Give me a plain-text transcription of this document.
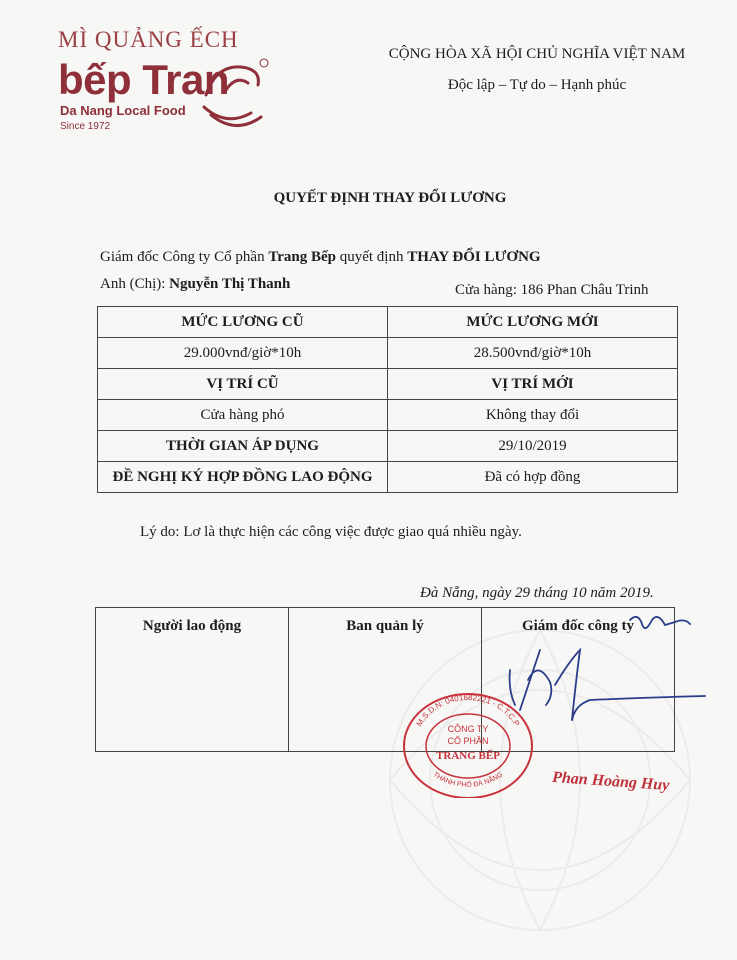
MÌ QUẢNG ẾCH
bếp Tran
Da Nang Local Food
Since 1972
CỘNG HÒA XÃ HỘI CHỦ NGHĨA VIỆT NAM
Độc lập – Tự do – Hạnh phúc
QUYẾT ĐỊNH THAY ĐỔI LƯƠNG
Giám đốc Công ty Cổ phần Trang Bếp quyết định THAY ĐỔI LƯƠNG
Anh (Chị): Nguyễn Thị Thanh	Cửa hàng: 186 Phan Châu Trinh
MỨC LƯƠNG CŨ	MỨC LƯƠNG MỚI
29.000vnđ/giờ*10h	28.500vnđ/giờ*10h
VỊ TRÍ CŨ	VỊ TRÍ MỚI
Cửa hàng phó	Không thay đổi
THỜI GIAN ÁP DỤNG	29/10/2019
ĐỀ NGHỊ KÝ HỢP ĐỒNG LAO ĐỘNG	Đã có hợp đồng
Lý do: Lơ là thực hiện các công việc được giao quá nhiều ngày.
Đà Nẵng, ngày 29 tháng 10 năm 2019.
Người lao động	Ban quản lý	Giám đốc công ty
M.S.D.N: 0401682221 - C.T.C.P
THÀNH PHỐ ĐÀ NẴNG
CÔNG TY
CỔ PHẦN
TRANG BẾP
Phan Hoàng Huy
